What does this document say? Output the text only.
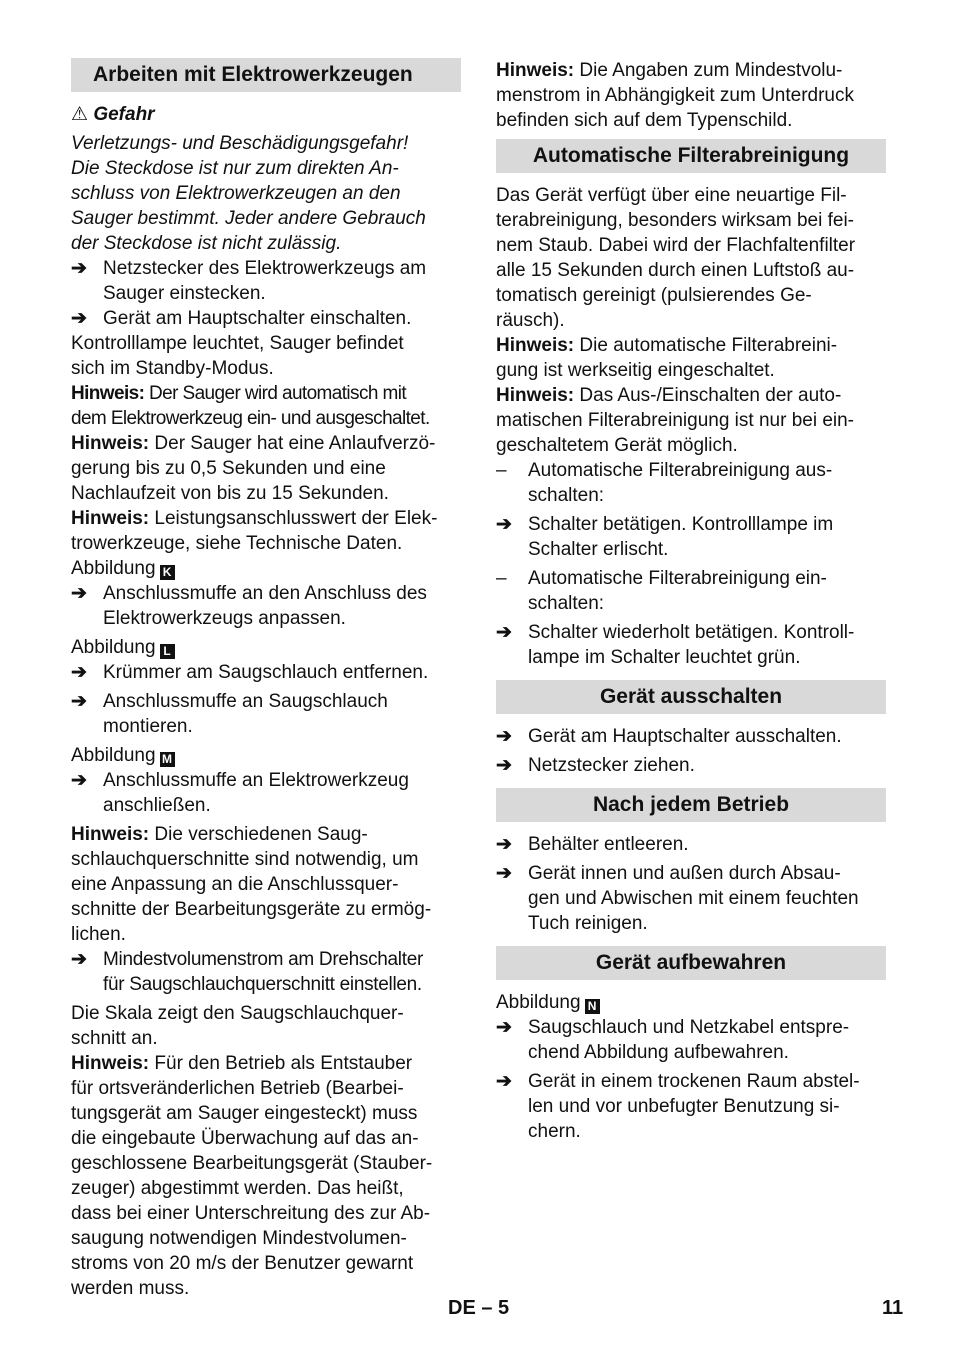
Arbeiten mit Elektrowerkzeugen

⚠ Gefahr

Verletzungs- und Beschädigungsgefahr!
Die Steckdose ist nur zum direkten An-
schluss von Elektrowerkzeugen an den
Sauger bestimmt. Jeder andere Gebrauch
der Steckdose ist nicht zulässig.

➔ Netzstecker des Elektrowerkzeugs am
Sauger einstecken.
➔ Gerät am Hauptschalter einschalten.

Kontrolllampe leuchtet, Sauger befindet
sich im Standby-Modus.

Hinweis: Der Sauger wird automatisch mit
dem Elektrowerkzeug ein- und ausgeschaltet.

Hinweis: Der Sauger hat eine Anlaufverzö-
gerung bis zu 0,5 Sekunden und eine
Nachlaufzeit von bis zu 15 Sekunden.

Hinweis: Leistungsanschlusswert der Elek-
trowerkzeuge, siehe Technische Daten.

Abbildung K

➔ Anschlussmuffe an den Anschluss des
Elektrowerkzeugs anpassen.

Abbildung L

➔ Krümmer am Saugschlauch entfernen.
➔ Anschlussmuffe an Saugschlauch
montieren.

Abbildung M

➔ Anschlussmuffe an Elektrowerkzeug
anschließen.

Hinweis: Die verschiedenen Saug-
schlauchquerschnitte sind notwendig, um
eine Anpassung an die Anschlussquer-
schnitte der Bearbeitungsgeräte zu ermög-
lichen.

➔ Mindestvolumenstrom am Drehschalter
für Saugschlauchquerschnitt einstellen.

Die Skala zeigt den Saugschlauchquer-
schnitt an.

Hinweis: Für den Betrieb als Entstauber
für ortsveränderlichen Betrieb (Bearbei-
tungsgerät am Sauger eingesteckt) muss
die eingebaute Überwachung auf das an-
geschlossene Bearbeitungsgerät (Stauber-
zeuger) abgestimmt werden. Das heißt,
dass bei einer Unterschreitung des zur Ab-
saugung notwendigen Mindestvolumen-
stroms von 20 m/s der Benutzer gewarnt
werden muss.

Hinweis: Die Angaben zum Mindestvolu-
menstrom in Abhängigkeit zum Unterdruck
befinden sich auf dem Typenschild.

Automatische Filterabreinigung

Das Gerät verfügt über eine neuartige Fil-
terabreinigung, besonders wirksam bei fei-
nem Staub. Dabei wird der Flachfaltenfilter
alle 15 Sekunden durch einen Luftstoß au-
tomatisch gereinigt (pulsierendes Ge-
räusch).

Hinweis: Die automatische Filterabreini-
gung ist werkseitig eingeschaltet.

Hinweis: Das Aus-/Einschalten der auto-
matischen Filterabreinigung ist nur bei ein-
geschaltetem Gerät möglich.

–	Automatische Filterabreinigung aus-
schalten:
➔ Schalter betätigen. Kontrolllampe im
Schalter erlischt.
–	Automatische Filterabreinigung ein-
schalten:
➔ Schalter wiederholt betätigen. Kontroll-
lampe im Schalter leuchtet grün.
Gerät ausschalten
➔ Gerät am Hauptschalter ausschalten.
➔ Netzstecker ziehen.
Nach jedem Betrieb
➔ Behälter entleeren.
➔ Gerät innen und außen durch Absau-
gen und Abwischen mit einem feuchten
Tuch reinigen.
Gerät aufbewahren

Abbildung N

➔ Saugschlauch und Netzkabel entspre-
chend Abbildung aufbewahren.
➔ Gerät in einem trockenen Raum abstel-
len und vor unbefugter Benutzung si-
chern.
DE – 5	11
